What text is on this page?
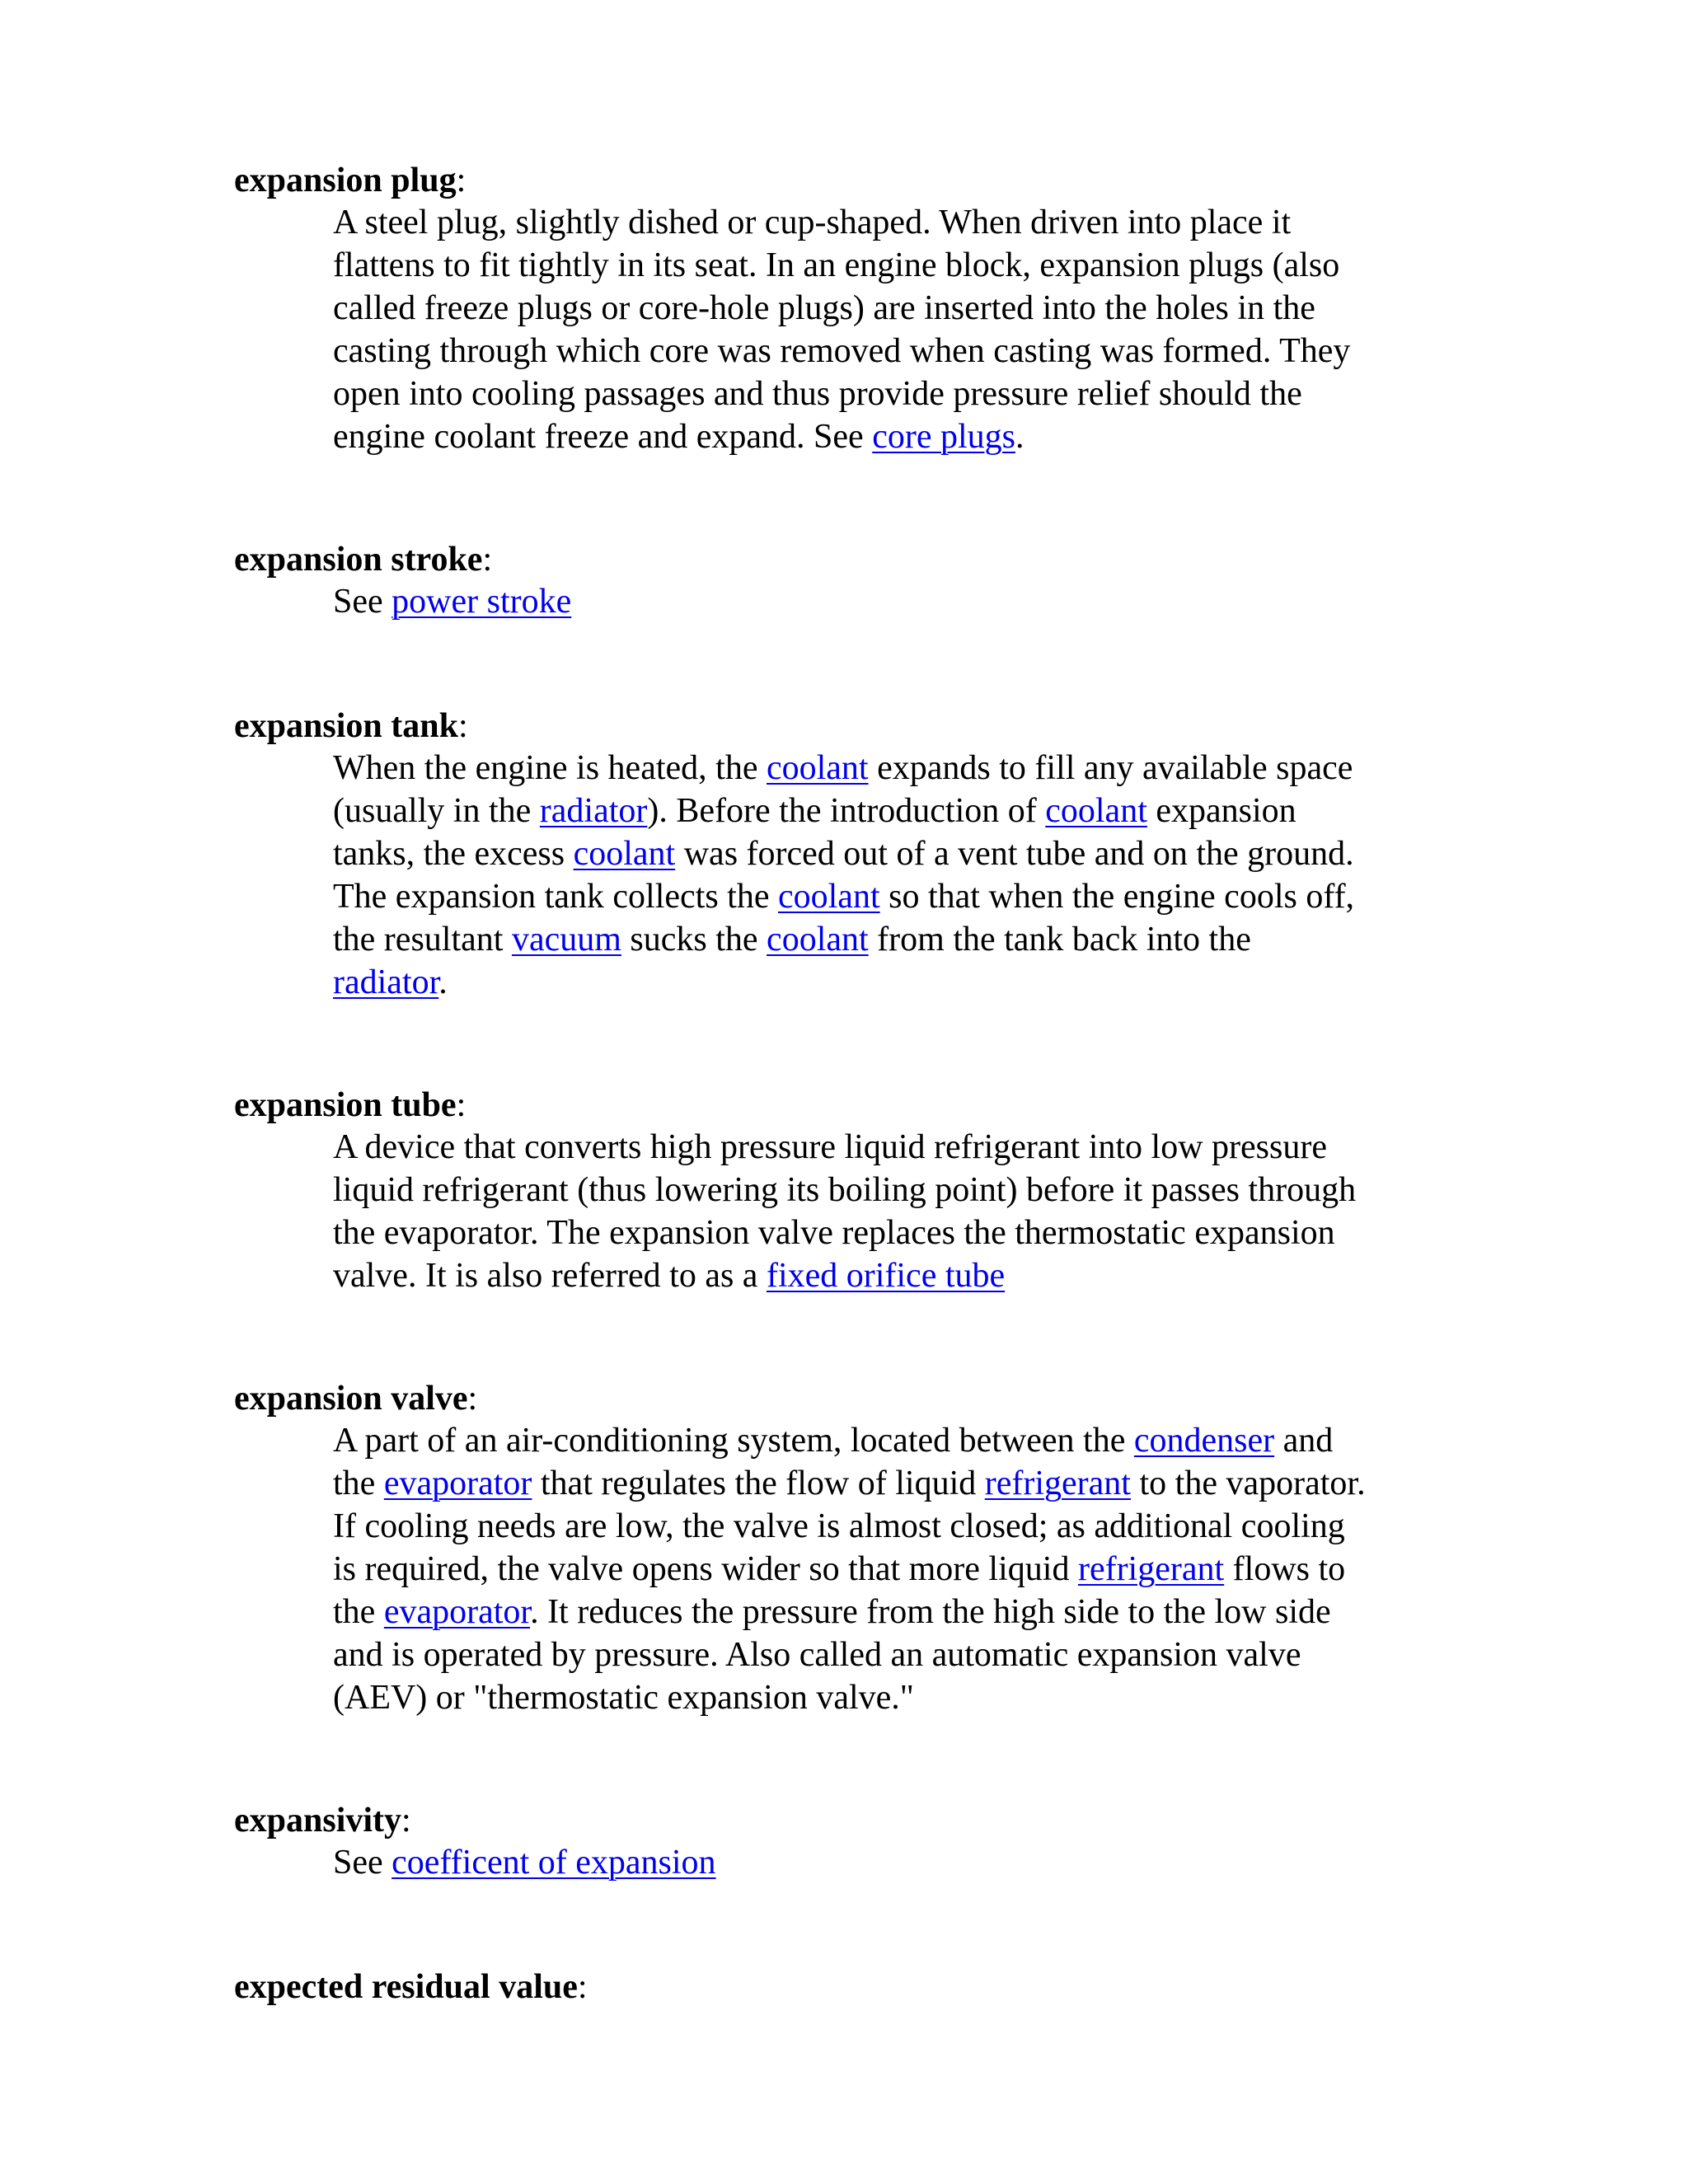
expansion plug:
A steel plug, slightly dished or cup-shaped. When driven into place it
flattens to fit tightly in its seat. In an engine block, expansion plugs (also
called freeze plugs or core-hole plugs) are inserted into the holes in the
casting through which core was removed when casting was formed. They
open into cooling passages and thus provide pressure relief should the
engine coolant freeze and expand. See core plugs.
expansion stroke:
See power stroke
expansion tank:
When the engine is heated, the coolant expands to fill any available space
(usually in the radiator). Before the introduction of coolant expansion
tanks, the excess coolant was forced out of a vent tube and on the ground.
The expansion tank collects the coolant so that when the engine cools off,
the resultant vacuum sucks the coolant from the tank back into the
radiator.
expansion tube:
A device that converts high pressure liquid refrigerant into low pressure
liquid refrigerant (thus lowering its boiling point) before it passes through
the evaporator. The expansion valve replaces the thermostatic expansion
valve. It is also referred to as a fixed orifice tube
expansion valve:
A part of an air-conditioning system, located between the condenser and
the evaporator that regulates the flow of liquid refrigerant to the vaporator.
If cooling needs are low, the valve is almost closed; as additional cooling
is required, the valve opens wider so that more liquid refrigerant flows to
the evaporator. It reduces the pressure from the high side to the low side
and is operated by pressure. Also called an automatic expansion valve
(AEV) or "thermostatic expansion valve."
expansivity:
See coefficent of expansion
expected residual value:
